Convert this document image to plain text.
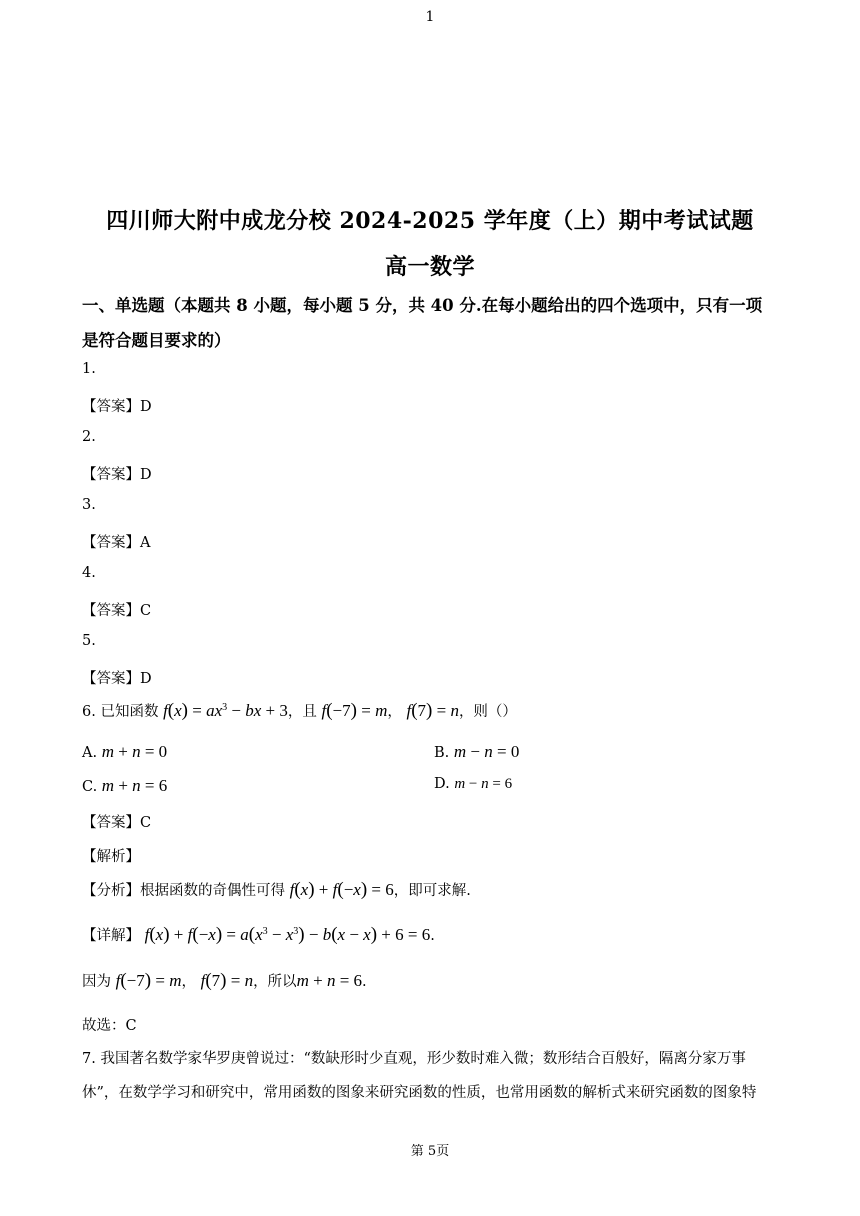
1
四川师大附中成龙分校 2024-2025 学年度（上）期中考试试题
高一数学
一、单选题（本题共 8 小题，每小题 5 分，共 40 分.在每小题给出的四个选项中，只有一项
是符合题目要求的）
1.
【答案】D
2.
【答案】D
3.
【答案】A
4.
【答案】C
5.
【答案】D
6. 已知函数 $f(x) = ax^3$ − bx + 3，且 f(−7) = m， f(7) = n，则（）
A. m + n = 0	B. m − n = 0
C. m + n = 6	D. m − n = 6
【答案】C
【解析】
【分析】根据函数的奇偶性可得 f(x) + f(−x) = 6，即可求解.
【详解】 $f(x) + f(-x) = a(x^3 - x^3) - b(x - x) + 6 = 6$.
因为 f(−7) = m， f(7) = n，所以m + n = 6.
故选：C
7. 我国著名数学家华罗庚曾说过：“数缺形时少直观，形少数时难入微；数形结合百般好，隔离分家万事
休”，在数学学习和研究中，常用函数的图象来研究函数的性质，也常用函数的解析式来研究函数的图象特
第 5页
